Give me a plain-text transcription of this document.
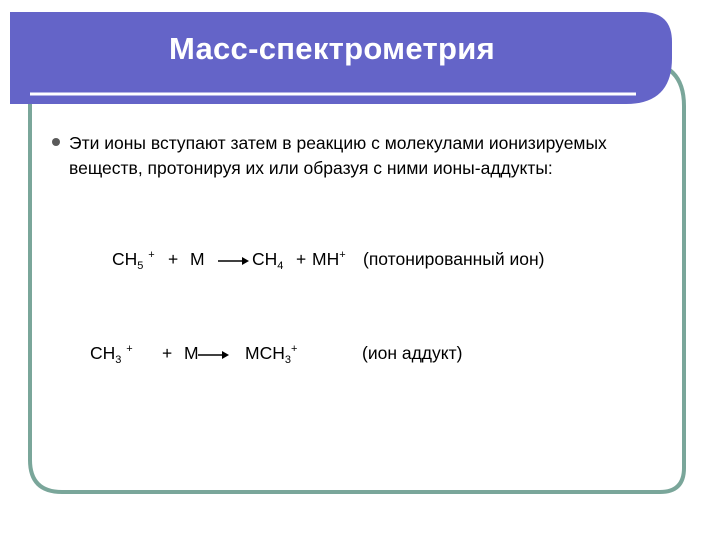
Масс-спектрометрия
Эти ионы вступают затем в реакцию с молекулами ионизируемых веществ, протонируя их или образуя с ними ионы-аддукты:
$CH_5$ + + M	$CH_4 + MH^+$ (потонированный ион)
$CH_3$ + + M	$MCH_3^+$	(ион аддукт)
